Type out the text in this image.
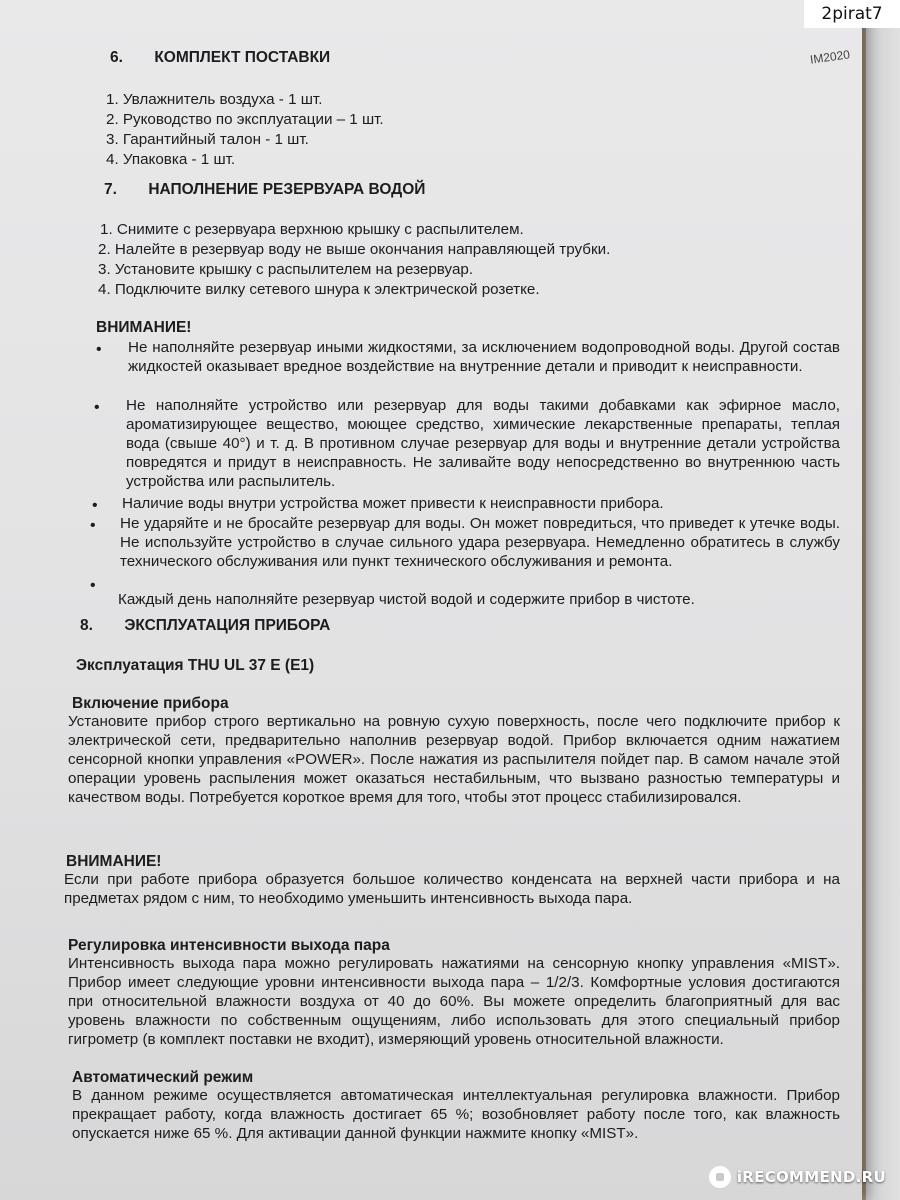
IM2020
6. КОМПЛЕКТ ПОСТАВКИ
1. Увлажнитель воздуха - 1 шт.
2. Руководство по эксплуатации – 1 шт.
3. Гарантийный талон - 1 шт.
4. Упаковка - 1 шт.
7. НАПОЛНЕНИЕ РЕЗЕРВУАРА ВОДОЙ
1. Снимите с резервуара верхнюю крышку с распылителем.
2. Налейте в резервуар воду не выше окончания направляющей трубки.
3. Установите крышку с распылителем на резервуар.
4. Подключите вилку сетевого шнура к электрической розетке.
ВНИМАНИЕ!
• Не наполняйте резервуар иными жидкостями, за исключением водопроводной воды. Другой состав жидкостей оказывает вредное воздействие на внутренние детали и приводит к неисправности.
• Не наполняйте устройство или резервуар для воды такими добавками как эфирное масло, ароматизирующее вещество, моющее средство, химические лекарственные препараты, теплая вода (свыше 40°) и т. д. В противном случае резервуар для воды и внутренние детали устройства повредятся и придут в неисправность. Не заливайте воду непосредственно во внутреннюю часть устройства или распылитель.
• Наличие воды внутри устройства может привести к неисправности прибора.
• Не ударяйте и не бросайте резервуар для воды. Он может повредиться, что приведет к утечке воды. Не используйте устройство в случае сильного удара резервуара. Немедленно обратитесь в службу технического обслуживания или пункт технического обслуживания и ремонта.
•
Каждый день наполняйте резервуар чистой водой и содержите прибор в чистоте.
8. ЭКСПЛУАТАЦИЯ ПРИБОРА
Эксплуатация THU UL 37 E (E1)
Включение прибора
Установите прибор строго вертикально на ровную сухую поверхность, после чего подключите прибор к электрической сети, предварительно наполнив резервуар водой. Прибор включается одним нажатием сенсорной кнопки управления «POWER». После нажатия из распылителя пойдет пар. В самом начале этой операции уровень распыления может оказаться нестабильным, что вызвано разностью температуры и качеством воды. Потребуется короткое время для того, чтобы этот процесс стабилизировался.
ВНИМАНИЕ!
Если при работе прибора образуется большое количество конденсата на верхней части прибора и на предметах рядом с ним, то необходимо уменьшить интенсивность выхода пара.
Регулировка интенсивности выхода пара
Интенсивность выхода пара можно регулировать нажатиями на сенсорную кнопку управления «MIST». Прибор имеет следующие уровни интенсивности выхода пара – 1/2/3. Комфортные условия достигаются при относительной влажности воздуха от 40 до 60%. Вы можете определить благоприятный для вас уровень влажности по собственным ощущениям, либо использовать для этого специальный прибор гигрометр (в комплект поставки не входит), измеряющий уровень относительной влажности.
Автоматический режим
В данном режиме осуществляется автоматическая интеллектуальная регулировка влажности. Прибор прекращает работу, когда влажность достигает 65 %; возобновляет работу после того, как влажность опускается ниже 65 %. Для активации данной функции нажмите кнопку «MIST».
2pirat7
iRECOMMEND.RU
